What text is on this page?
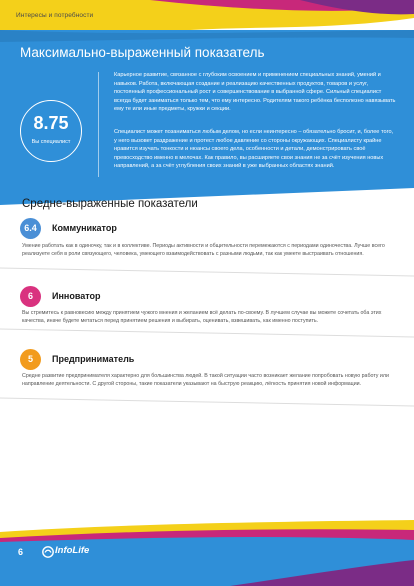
Интересы и потребности
Максимально-выраженный показатель
8.75
Вы специалист

Карьерное развитие, связанное с глубоким освоением и применением специальных знаний, умений и навыков. Работа, включающая создание и реализацию качественных продуктов, товаров и услуг, постоянный профессиональный рост и совершенствование в выбранной сфере. Сильный специалист всегда будет заниматься только тем, что ему интересно. Родителям такого ребёнка бесполезно навязывать ему те или иные предметы, кружки и секции.

Специалист может позаниматься любым делом, но если неинтересно – обязательно бросит, и, более того, у него вызовет раздражение и протест любое давление со стороны окружающих. Специалисту крайне нравится изучать тонкости и нюансы своего дела, особенности и детали, демонстрировать своё превосходство именно в мелочах. Как правило, вы расширяете свои знания не за счёт изучения новых направлений, а за счёт углубления своих знаний в уже выбранных областях знаний.

Средне-выраженные показатели
6.4	Коммуникатор

Умение работать как в одиночку, так и в коллективе. Периоды активности и общительности перемежаются с периодами одиночества. Лучше всего реализуете себя в роли связующего, человека, умеющего взаимодействовать с разными людьми, так как умеете выстраивать отношения.

6	Инноватор

Вы стремитесь к равновесию между принятием чужого мнения и желанием всё делать по-своему. В лучшем случае вы можете сочетать оба этих качества, иначе будете метаться перед принятием решения и выбирать, оценивать, взвешивать, как именно поступить.

5	Предприниматель

Средне развитие предпринимателя характерно для большинства людей. В такой ситуации часто возникает желание попробовать новую работу или направление деятельности. С другой стороны, такие показатели указывают на быструю реакцию, лёгкость принятия новой информации.

6	InfoLife
